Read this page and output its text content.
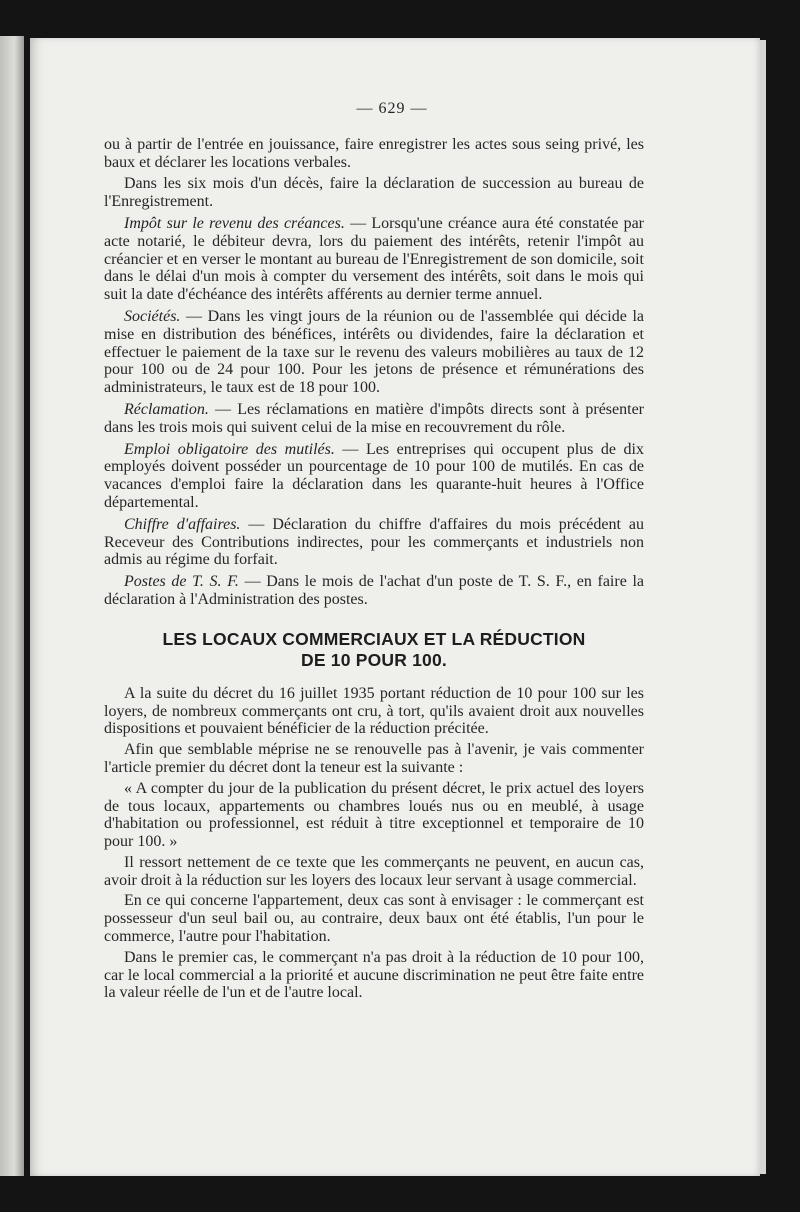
— 629 —

ou à partir de l'entrée en jouissance, faire enregistrer les actes sous seing privé, les baux et déclarer les locations verbales.

Dans les six mois d'un décès, faire la déclaration de succession au bureau de l'Enregistrement.

Impôt sur le revenu des créances. — Lorsqu'une créance aura été constatée par acte notarié, le débiteur devra, lors du paiement des intérêts, retenir l'impôt au créancier et en verser le montant au bureau de l'Enregistrement de son domicile, soit dans le délai d'un mois à compter du versement des intérêts, soit dans le mois qui suit la date d'échéance des intérêts afférents au dernier terme annuel.

Sociétés. — Dans les vingt jours de la réunion ou de l'assemblée qui décide la mise en distribution des bénéfices, intérêts ou dividendes, faire la déclaration et effectuer le paiement de la taxe sur le revenu des valeurs mobilières au taux de 12 pour 100 ou de 24 pour 100. Pour les jetons de présence et rémunérations des administrateurs, le taux est de 18 pour 100.

Réclamation. — Les réclamations en matière d'impôts directs sont à présenter dans les trois mois qui suivent celui de la mise en recouvrement du rôle.

Emploi obligatoire des mutilés. — Les entreprises qui occupent plus de dix employés doivent posséder un pourcentage de 10 pour 100 de mutilés. En cas de vacances d'emploi faire la déclaration dans les quarante-huit heures à l'Office départemental.

Chiffre d'affaires. — Déclaration du chiffre d'affaires du mois précédent au Receveur des Contributions indirectes, pour les commerçants et industriels non admis au régime du forfait.

Postes de T. S. F. — Dans le mois de l'achat d'un poste de T. S. F., en faire la déclaration à l'Administration des postes.

LES LOCAUX COMMERCIAUX ET LA RÉDUCTION
DE 10 POUR 100.

A la suite du décret du 16 juillet 1935 portant réduction de 10 pour 100 sur les loyers, de nombreux commerçants ont cru, à tort, qu'ils avaient droit aux nouvelles dispositions et pouvaient bénéficier de la réduction précitée.

Afin que semblable méprise ne se renouvelle pas à l'avenir, je vais commenter l'article premier du décret dont la teneur est la suivante :

« A compter du jour de la publication du présent décret, le prix actuel des loyers de tous locaux, appartements ou chambres loués nus ou en meublé, à usage d'habitation ou professionnel, est réduit à titre exceptionnel et temporaire de 10 pour 100. »

Il ressort nettement de ce texte que les commerçants ne peuvent, en aucun cas, avoir droit à la réduction sur les loyers des locaux leur servant à usage commercial.

En ce qui concerne l'appartement, deux cas sont à envisager : le commerçant est possesseur d'un seul bail ou, au contraire, deux baux ont été établis, l'un pour le commerce, l'autre pour l'habitation.

Dans le premier cas, le commerçant n'a pas droit à la réduction de 10 pour 100, car le local commercial a la priorité et aucune discrimination ne peut être faite entre la valeur réelle de l'un et de l'autre local.
